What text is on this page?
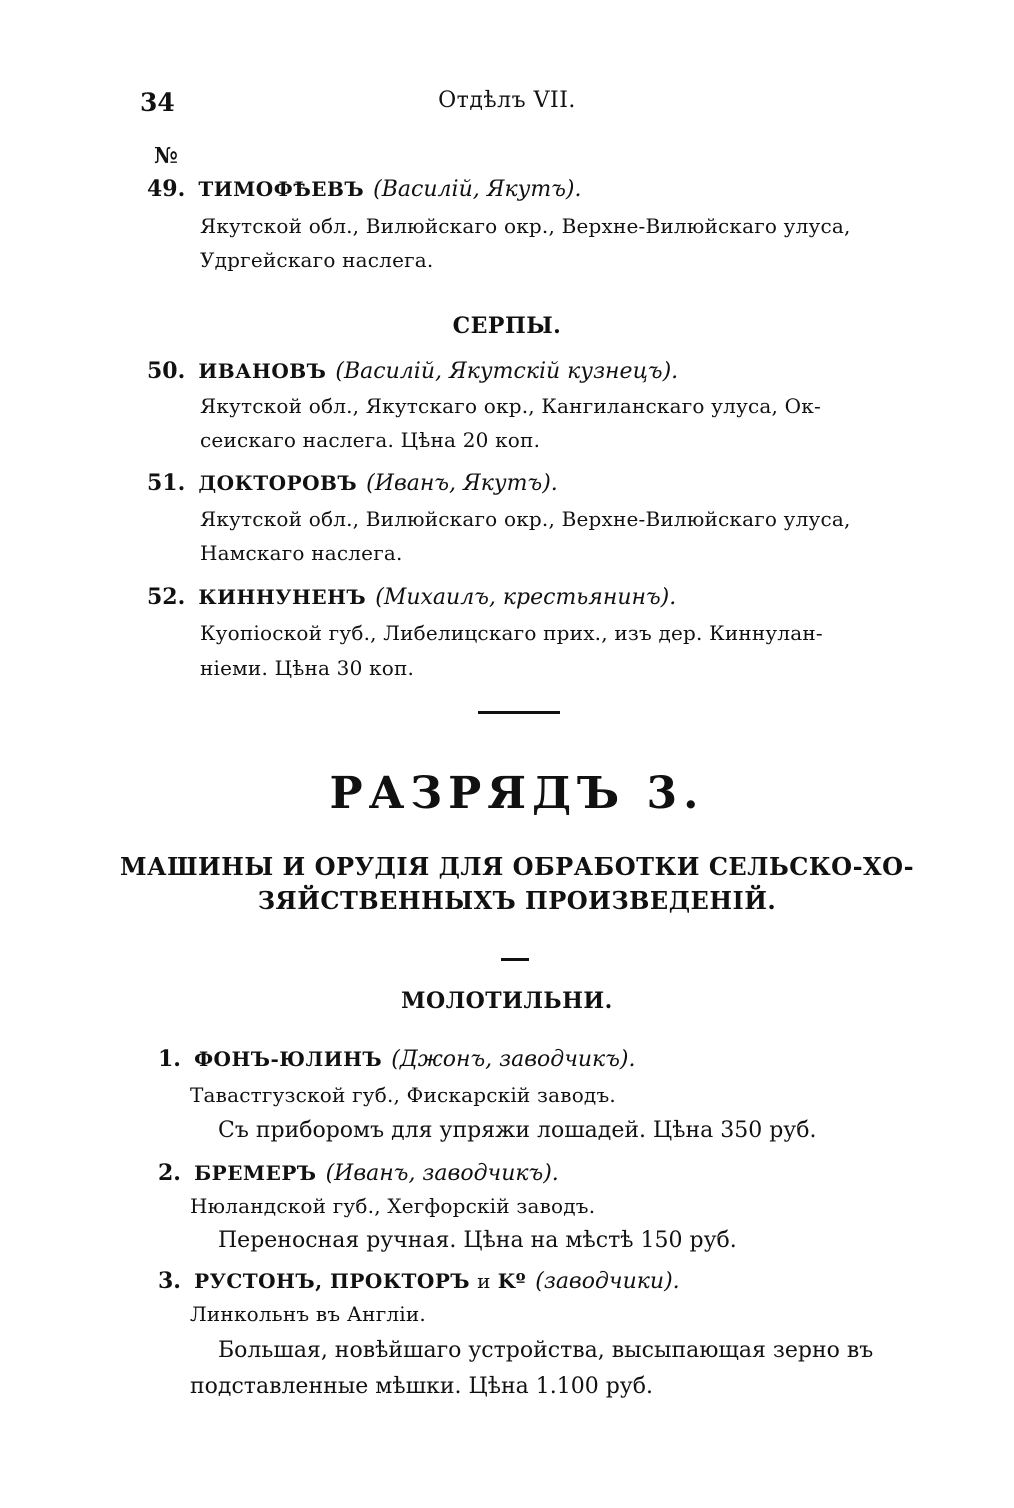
34	Отдѣлъ VII.
№
49. ТИМОФѢЕВЪ (Василій, Якутъ).
Якутской обл., Вилюйскаго окр., Верхне-Вилюйскаго улуса,
Удргейскаго наслега.
СЕРПЫ.
50. ИВАНОВЪ (Василій, Якутскій кузнецъ).
Якутской обл., Якутскаго окр., Кангиланскаго улуса, Ок-
сеискаго наслега. Цѣна 20 коп.
51. ДОКТОРОВЪ (Иванъ, Якутъ).
Якутской обл., Вилюйскаго окр., Верхне-Вилюйскаго улуса,
Намскаго наслега.
52. КИННУНЕНЪ (Михаилъ, крестьянинъ).
Куопіоской губ., Либелицскаго прих., изъ дер. Киннулан-
ніеми. Цѣна 30 коп.
РАЗРЯДЪ 3.
МАШИНЫ И ОРУДІЯ ДЛЯ ОБРАБОТКИ СЕЛЬСКО-ХО-
ЗЯЙСТВЕННЫХЪ ПРОИЗВЕДЕНІЙ.
МОЛОТИЛЬНИ.
1. ФОНЪ-ЮЛИНЪ (Джонъ, заводчикъ).
Тавастгузской губ., Фискарскій заводъ.
Съ приборомъ для упряжи лошадей. Цѣна 350 руб.
2. БРЕМЕРЪ (Иванъ, заводчикъ).
Нюландской губ., Хегфорскій заводъ.
Переносная ручная. Цѣна на мѣстѣ 150 руб.
3. РУСТОНЪ, ПРОКТОРЪ и Kº (заводчики).
Линкольнъ въ Англіи.
Большая, новѣйшаго устройства, высыпающая зерно въ
подставленные мѣшки. Цѣна 1.100 руб.
